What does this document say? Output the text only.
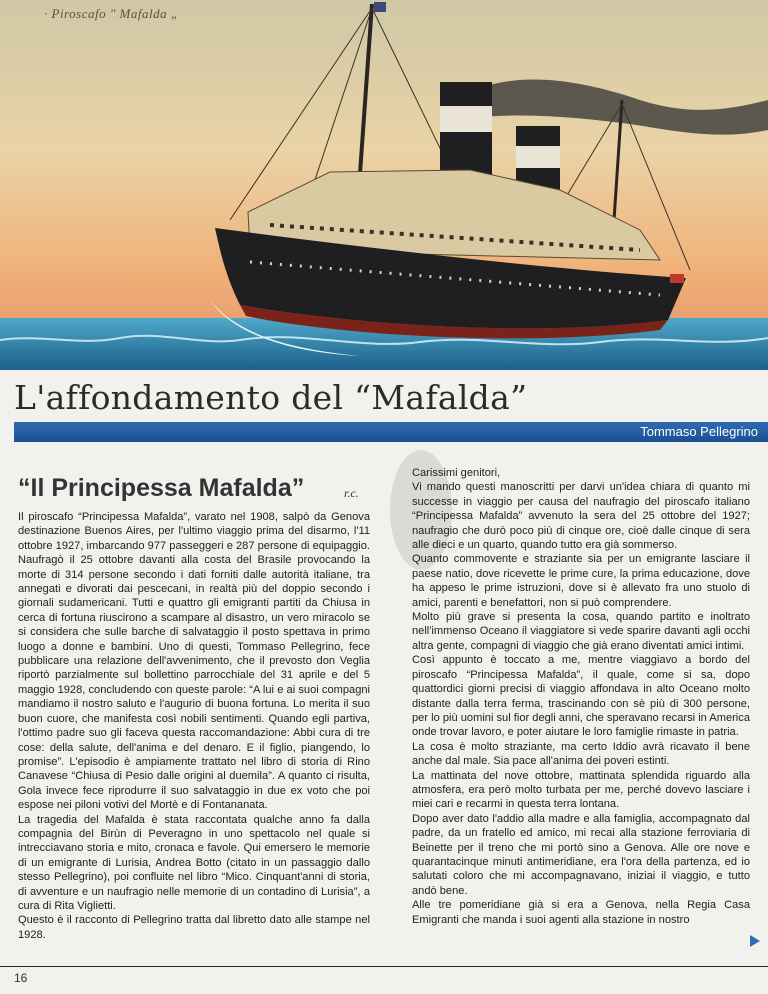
· Piroscafo " Mafalda „
L'affondamento del “Mafalda”
Tommaso Pellegrino
“Il Principessa Mafalda”	r.c.

Il piroscafo “Principessa Mafalda”, varato nel 1908, salpò da Genova destinazione Buenos Aires, per l'ultimo viaggio prima del disarmo, l'11 ottobre 1927, imbarcando 977 passeggeri e 287 persone di equipaggio. Naufragò il 25 ottobre davanti alla costa del Brasile provocando la morte di 314 persone secondo i dati forniti dalle autorità italiane, tra annegati e divorati dai pescecani, in realtà più del doppio secondo i giornali sudamericani. Tutti e quattro gli emigranti partiti da Chiusa in cerca di fortuna riuscirono a scampare al disastro, un vero miracolo se si considera che sulle barche di salvataggio il posto spettava in primo luogo a donne e bambini. Uno di questi, Tommaso Pellegrino, fece pubblicare una relazione dell'avvenimento, che il prevosto don Veglia riportò parzialmente sul bollettino parrocchiale del 31 aprile e del 5 maggio 1928, concludendo con queste parole: “A lui e ai suoi compagni mandiamo il nostro saluto e l'augurio di buona fortuna. Lo merita il suo buon cuore, che manifesta così nobili sentimenti. Quando egli partiva, l'ottimo padre suo gli faceva questa raccomandazione: Abbi cura di tre cose: della salute, dell'anima e del denaro. E il figlio, piangendo, lo promise”. L'episodio è ampiamente trattato nel libro di storia di Rino Canavese “Chiusa di Pesio dalle origini al duemila”. A quanto ci risulta, Gola invece fece riprodurre il suo salvataggio in due ex voto che poi espose nei piloni votivi del Mortè e di Fontananata.

La tragedia del Mafalda è stata raccontata qualche anno fa dalla compagnia del Birùn di Peveragno in uno spettacolo nel quale si intrecciavano storia e mito, cronaca e favole. Qui emersero le memorie di un emigrante di Lurisia, Andrea Botto (citato in un passaggio dallo stesso Pellegrino), poi confluite nel libro “Mico. Cinquant'anni di storia, di avventure e un naufragio nelle memorie di un contadino di Lurisia”, a cura di Rita Viglietti.

Questo è il racconto di Pellegrino tratta dal libretto dato alle stampe nel 1928.

Carissimi genitori,

Vi mando questi manoscritti per darvi un'idea chiara di quanto mi successe in viaggio per causa del naufragio del piroscafo italiano “Principessa Mafalda” avvenuto la sera del 25 ottobre del 1927; naufragio che durò poco più di cinque ore, cioè dalle cinque di sera alle dieci e un quarto, quando tutto era già sommerso.

Quanto commovente e straziante sia per un emigrante lasciare il paese natio, dove ricevette le prime cure, la prima educazione, dove ha appeso le prime istruzioni, dove si è allevato fra uno stuolo di amici, parenti e benefattori, non si può comprendere.

Molto più grave si presenta la cosa, quando partito e inoltrato nell'immenso Oceano il viaggiatore si vede sparire davanti agli occhi altra gente, compagni di viaggio che già erano diventati amici intimi.

Così appunto è toccato a me, mentre viaggiavo a bordo del piroscafo “Principessa Mafalda”, il quale, come si sa, dopo quattordici giorni precisi di viaggio affondava in alto Oceano molto distante dalla terra ferma, trascinando con sè più di 300 persone, per lo più uomini sul fior degli anni, che speravano recarsi in America onde trovar lavoro, e poter aiutare le loro famiglie rimaste in patria.

La cosa è molto straziante, ma certo Iddio avrà ricavato il bene anche dal male. Sia pace all'anima dei poveri estinti.

La mattinata del nove ottobre, mattinata splendida riguardo alla atmosfera, era però molto turbata per me, perché dovevo lasciare i miei cari e recarmi in questa terra lontana.

Dopo aver dato l'addio alla madre e alla famiglia, accompagnato dal padre, da un fratello ed amico, mi recai alla stazione ferroviaria di Beinette per il treno che mi portò sino a Genova. Alle ore nove e quarantacinque minuti antimeridiane, era l'ora della partenza, ed io salutati coloro che mi accompagnavano, iniziai il viaggio, e tutto andò bene.

Alle tre pomeridiane già si era a Genova, nella Regia Casa Emigranti che manda i suoi agenti alla stazione in nostro

16
